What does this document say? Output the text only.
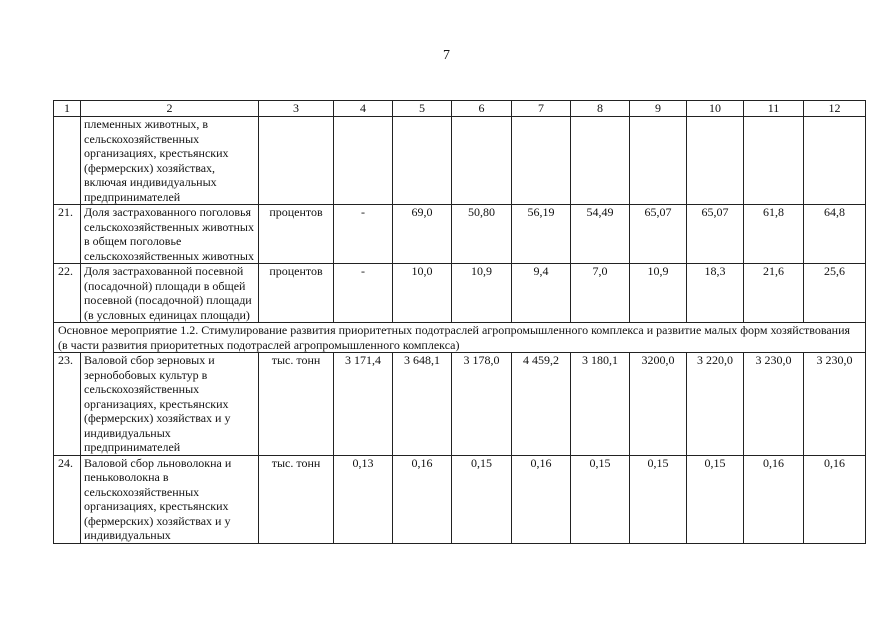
7
1	2	3	4	5	6	7	8	9	10	11	12
	племенных животных, в сельскохозяйственных организациях, крестьянских (фермерских) хозяйствах, включая индивидуальных предпринимателей										
21.	Доля застрахованного поголовья сельскохозяйственных животных в общем поголовье сельскохозяйственных животных	процентов	-	69,0	50,80	56,19	54,49	65,07	65,07	61,8	64,8
22.	Доля застрахованной посевной (посадочной) площади в общей посевной (посадочной) площади (в условных единицах площади)	процентов	-	10,0	10,9	9,4	7,0	10,9	18,3	21,6	25,6
Основное мероприятие 1.2. Стимулирование развития приоритетных подотраслей агропромышленного комплекса и развитие малых форм хозяйствования (в части развития приоритетных подотраслей агропромышленного комплекса)											
23.	Валовой сбор зерновых и зернобобовых культур в сельскохозяйственных организациях, крестьянских (фермерских) хозяйствах и у индивидуальных предпринимателей	тыс. тонн	3 171,4	3 648,1	3 178,0	4 459,2	3 180,1	3200,0	3 220,0	3 230,0	3 230,0
24.	Валовой сбор льноволокна и пеньковолокна в сельскохозяйственных организациях, крестьянских (фермерских) хозяйствах и у индивидуальных	тыс. тонн	0,13	0,16	0,15	0,16	0,15	0,15	0,15	0,16	0,16
